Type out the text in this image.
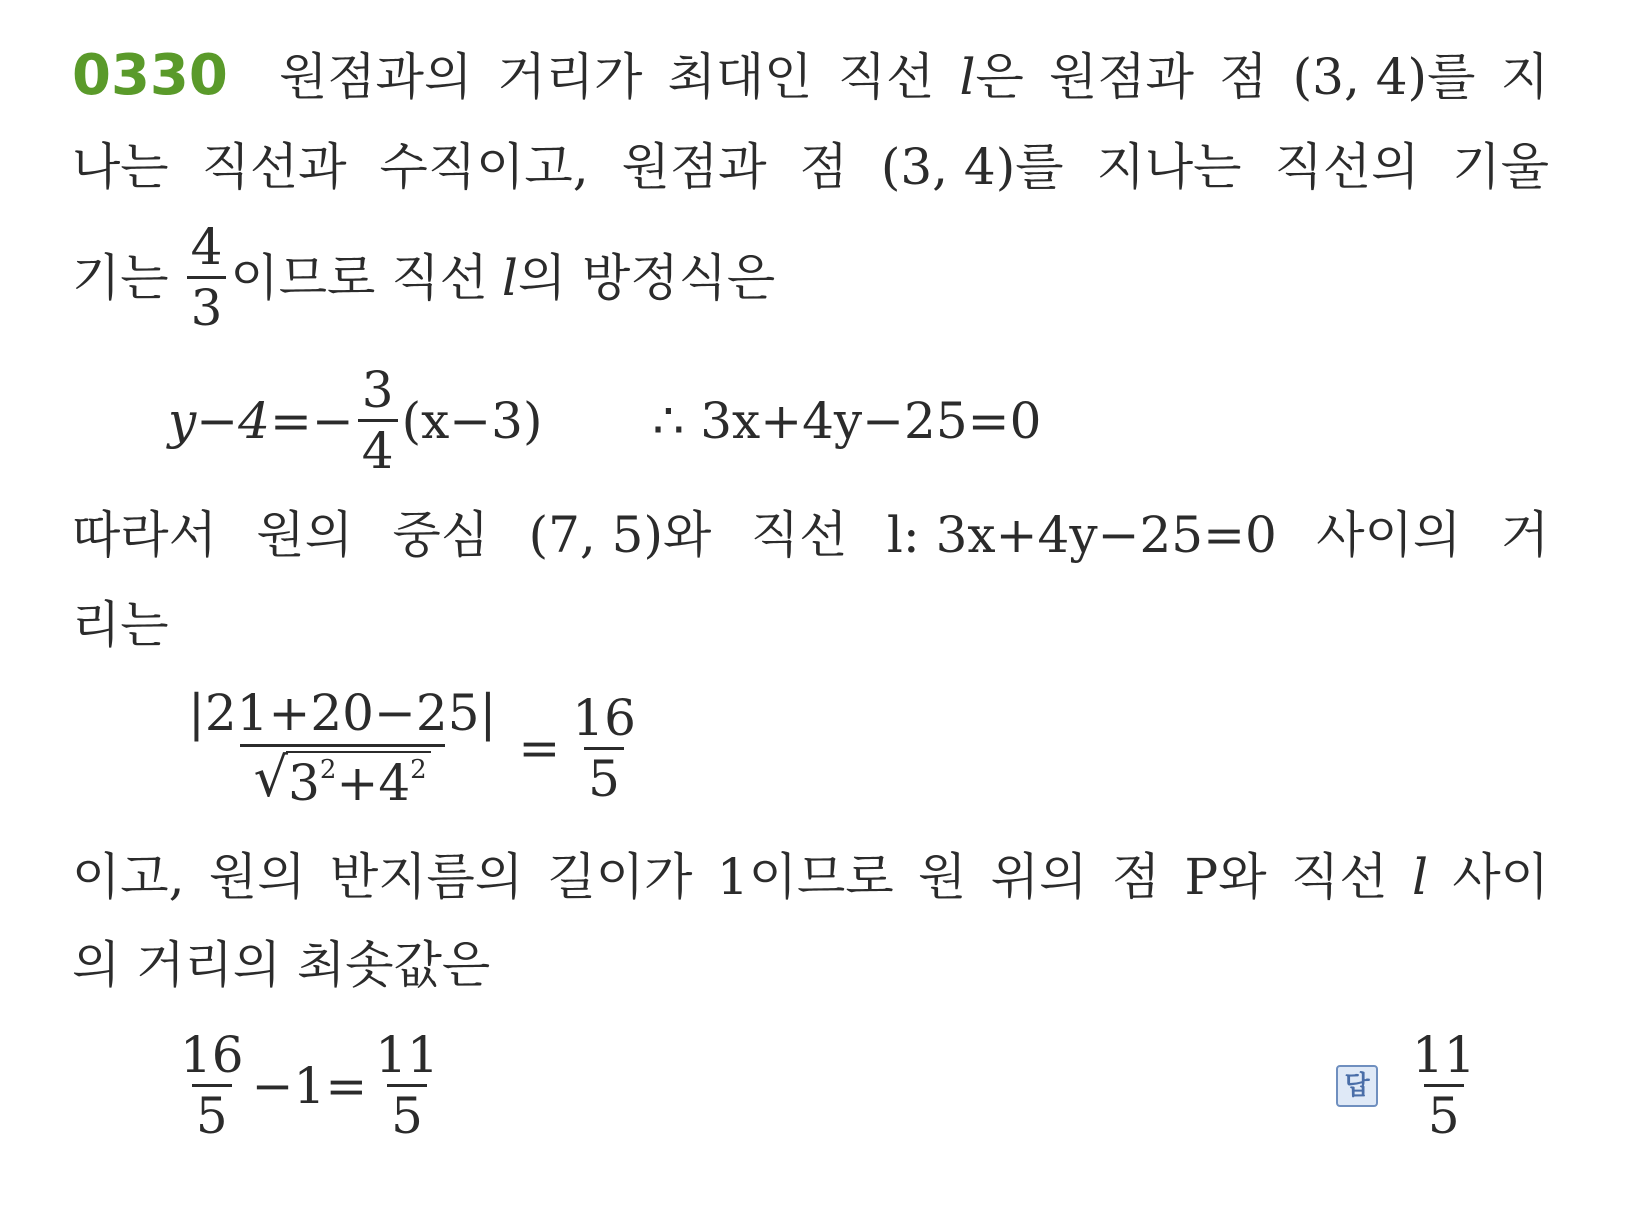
0330 원점과의 거리가 최대인 직선 l은 원점과 점 (3, 4)를 지
나는 직선과 수직이고, 원점과 점 (3, 4)를 지나는 직선의 기울
기는 $\frac{4}{3}$ 이므로 직선 l 의 방정식은
$y-4=- \frac{3}{4} (x-3)$ ∴ 3x+4y−25=0
따라서 원의 중심 (7, 5)와 직선 l: 3x+4y−25=0 사이의 거
리는
$\frac{|21+20-25|}{√ 3^2+4^2} = \frac{16}{5}$
이고, 원의 반지름의 길이가 1이므로 원 위의 점 P와 직선 l 사이
의 거리의 최솟값은
$\frac{16}{5} -1= \frac{11}{5}$	답 $\frac{11}{5}$
